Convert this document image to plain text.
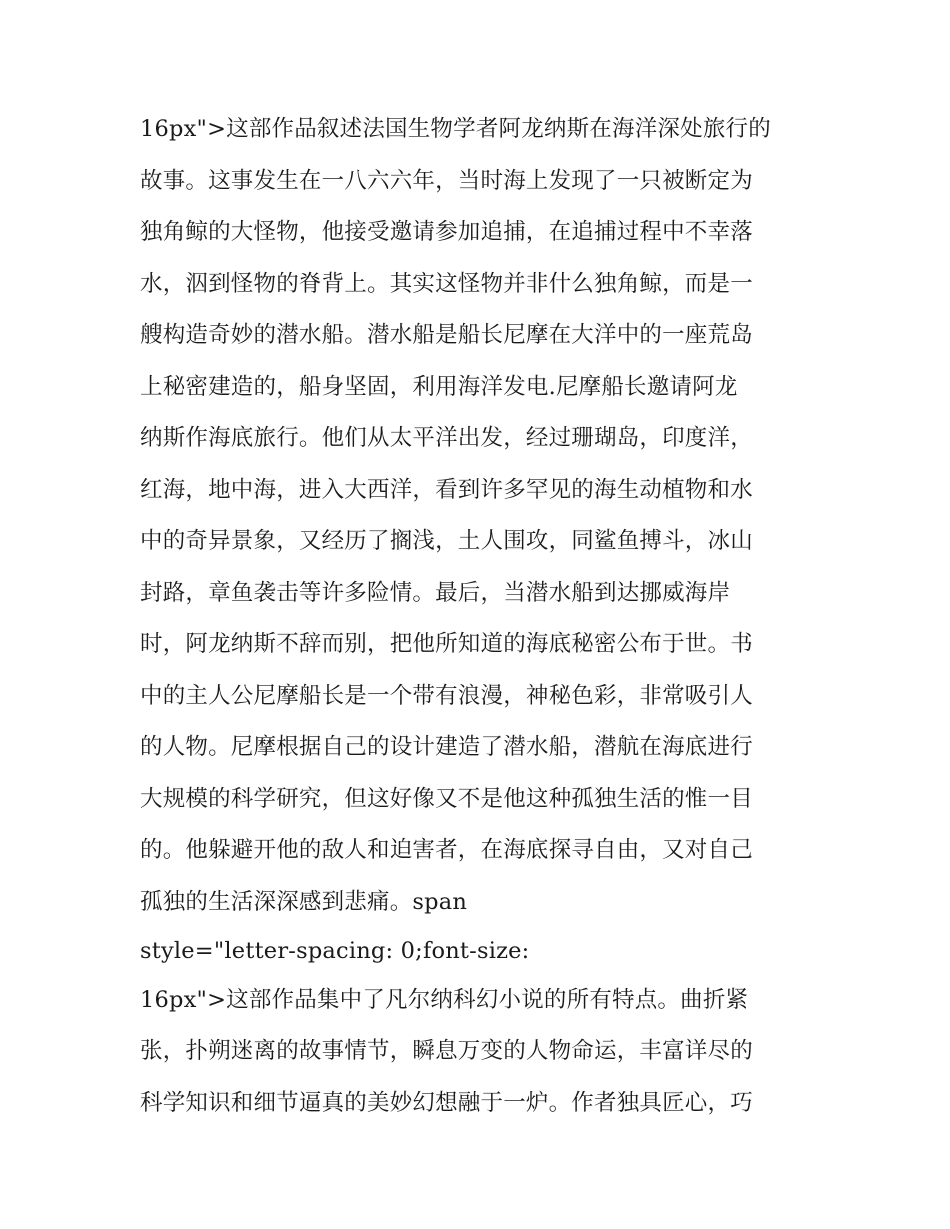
16px">这部作品叙述法国生物学者阿龙纳斯在海洋深处旅行的
故事。这事发生在一八六六年，当时海上发现了一只被断定为
独角鲸的大怪物，他接受邀请参加追捕，在追捕过程中不幸落
水，泅到怪物的脊背上。其实这怪物并非什么独角鲸，而是一
艘构造奇妙的潜水船。潜水船是船长尼摩在大洋中的一座荒岛
上秘密建造的，船身坚固，利用海洋发电.尼摩船长邀请阿龙
纳斯作海底旅行。他们从太平洋出发，经过珊瑚岛，印度洋，
红海，地中海，进入大西洋，看到许多罕见的海生动植物和水
中的奇异景象，又经历了搁浅，土人围攻，同鲨鱼搏斗，冰山
封路，章鱼袭击等许多险情。最后，当潜水船到达挪威海岸
时，阿龙纳斯不辞而别，把他所知道的海底秘密公布于世。书
中的主人公尼摩船长是一个带有浪漫，神秘色彩，非常吸引人
的人物。尼摩根据自己的设计建造了潜水船，潜航在海底进行
大规模的科学研究，但这好像又不是他这种孤独生活的惟一目
的。他躲避开他的敌人和迫害者，在海底探寻自由，又对自己
孤独的生活深深感到悲痛。span
style="letter-spacing: 0;font-size:
16px">这部作品集中了凡尔纳科幻小说的所有特点。曲折紧
张，扑朔迷离的故事情节，瞬息万变的人物命运，丰富详尽的
科学知识和细节逼真的美妙幻想融于一炉。作者独具匠心，巧
